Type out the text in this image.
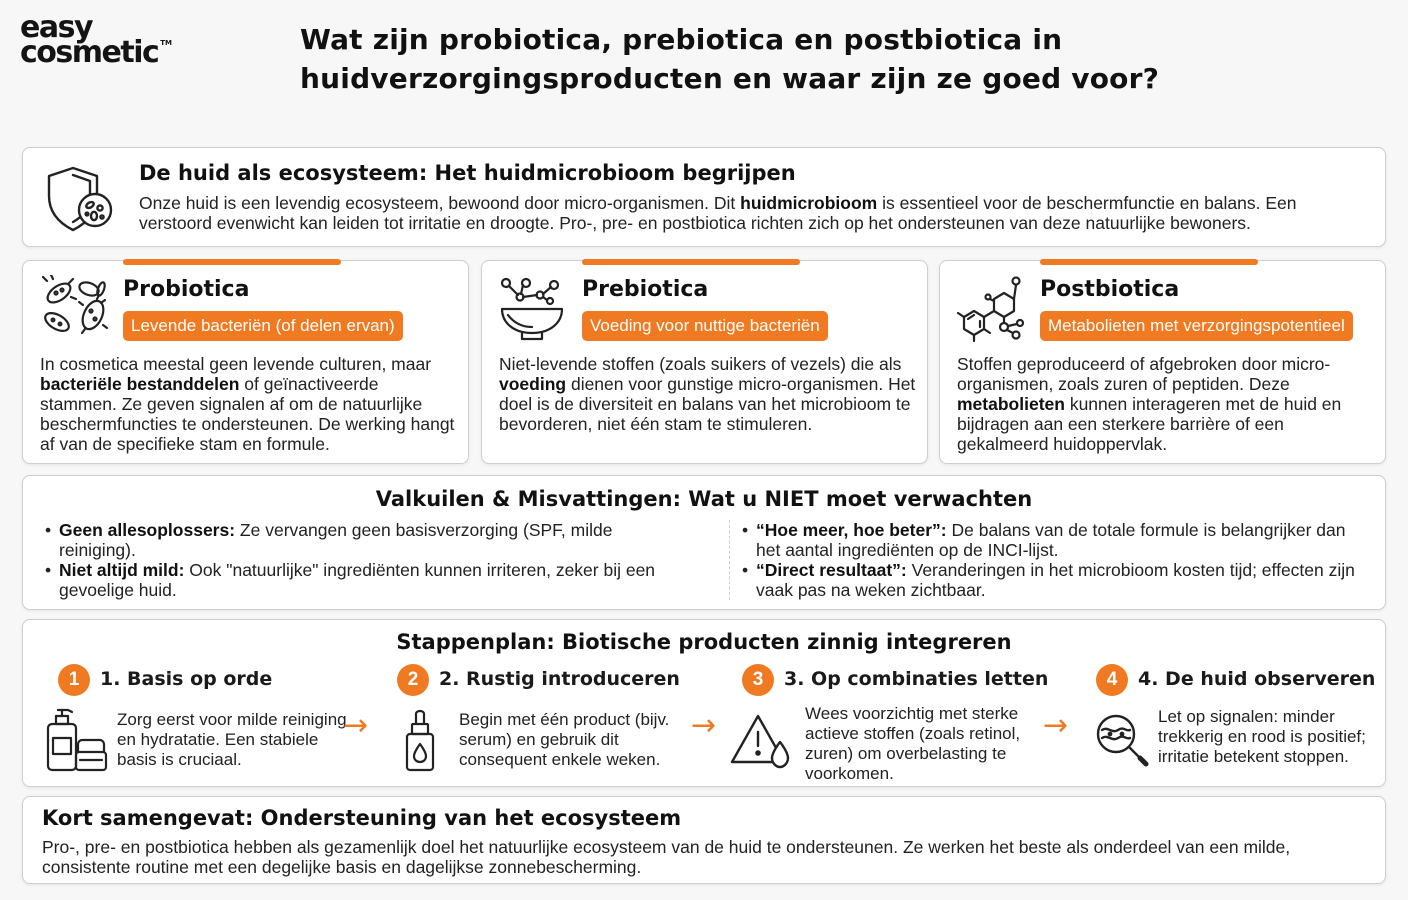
easy
cosmetic ™	Wat zijn probiotica, prebiotica en postbiotica in huidverzorgingsproducten en waar zijn ze goed voor?
De huid als ecosysteem: Het huidmicrobioom begrijpen

Onze huid is een levendig ecosysteem, bewoond door micro-organismen. Dit huidmicrobioom is essentieel voor de beschermfunctie en balans. Een verstoord evenwicht kan leiden tot irritatie en droogte. Pro-, pre- en postbiotica richten zich op het ondersteunen van deze natuurlijke bewoners.

Probiotica
Levende bacteriën (of delen ervan)

In cosmetica meestal geen levende culturen, maar bacteriële bestanddelen of geïnactiveerde stammen. Ze geven signalen af om de natuurlijke beschermfuncties te ondersteunen. De werking hangt af van de specifieke stam en formule.

Prebiotica
Voeding voor nuttige bacteriën

Niet-levende stoffen (zoals suikers of vezels) die als voeding dienen voor gunstige micro-organismen. Het doel is de diversiteit en balans van het microbioom te bevorderen, niet één stam te stimuleren.

Postbiotica
Metabolieten met verzorgingspotentieel

Stoffen geproduceerd of afgebroken door micro-organismen, zoals zuren of peptiden. Deze metabolieten kunnen interageren met de huid en bijdragen aan een sterkere barrière of een gekalmeerd huidoppervlak.

Valkuilen & Misvattingen: Wat u NIET moet verwachten

• Geen allesoplossers: Ze vervangen geen basisverzorging (SPF, milde reiniging).

• Niet altijd mild: Ook "natuurlijke" ingrediënten kunnen irriteren, zeker bij een gevoelige huid.

• “Hoe meer, hoe beter”: De balans van de totale formule is belangrijker dan het aantal ingrediënten op de INCI-lijst.

• “Direct resultaat”: Veranderingen in het microbioom kosten tijd; effecten zijn vaak pas na weken zichtbaar.

Stappenplan: Biotische producten zinnig integreren
1	1. Basis op orde

Zorg eerst voor milde reiniging en hydratatie. Een stabiele basis is cruciaal.

→
2	2. Rustig introduceren

Begin met één product (bijv. serum) en gebruik dit consequent enkele weken.

→
3	3. Op combinaties letten

Wees voorzichtig met sterke actieve stoffen (zoals retinol, zuren) om overbelasting te voorkomen.

→
4	4. De huid observeren

Let op signalen: minder trekkerig en rood is positief; irritatie betekent stoppen.

Kort samengevat: Ondersteuning van het ecosysteem

Pro-, pre- en postbiotica hebben als gezamenlijk doel het natuurlijke ecosysteem van de huid te ondersteunen. Ze werken het beste als onderdeel van een milde, consistente routine met een degelijke basis en dagelijkse zonnebescherming.
